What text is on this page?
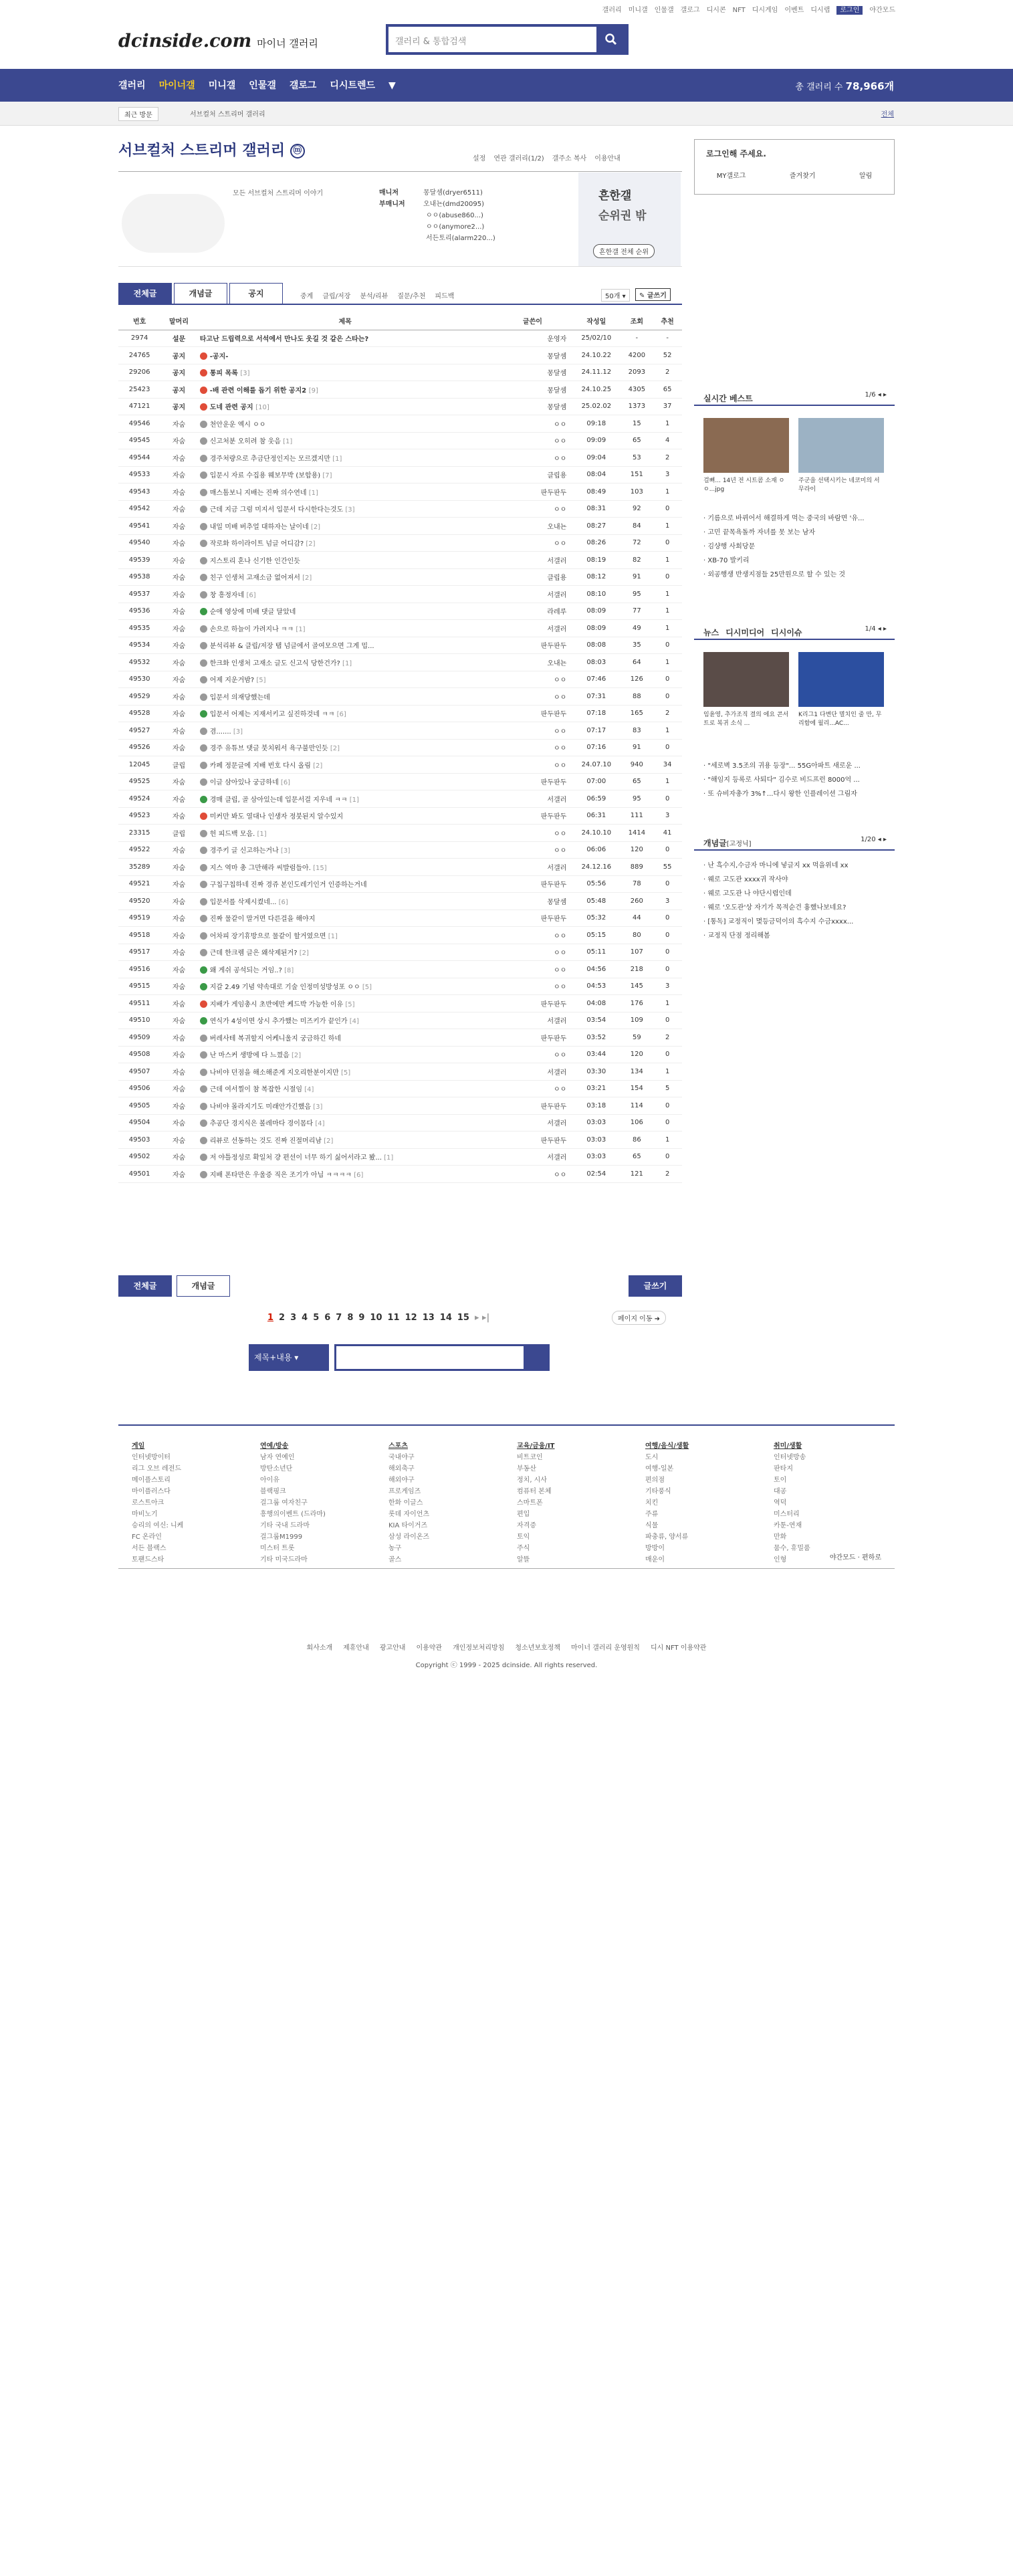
갤러리 미니갤 인물갤 갤로그 디시콘 NFT 디시게임 이벤트 디시랩 로그인 야간모드
dcinside.com 마이너 갤러리	갤러리 & 통합검색
갤러리 마이너갤 미니갤 인물갤 갤로그 디시트렌드 ▼	총 갤러리 수 78,966개
최근 방문	서브컬처 스트리머 갤러리	전체
서브컬처 스트리머 갤러리 ⓜ
설정 연관 갤러리(1/2) 갤주소 복사 이용안내
모든 서브컬처 스트리머 이야기	매니저	몽달셈(dryer6511)
부매니저	오내뇬(dmd20095)
ㅇㅇ(abuse860...)
ㅇㅇ(anymore2...)
서든토리(alarm220...)
흔한갤
순위권 밖
흔한갤 전체 순위
전체글	개념글	공지	중계 클립/저장 분석/리뷰 질문/추천 피드백	50개 ▾	✎ 글쓰기
번호	말머리	제목	글쓴이	작성일	조회	추천
2974	설문	타고난 드립력으로 서석에서 만나도 웃길 것 같은 스타는?	운영자	25/02/10	-	-
24765	공지	-공지-	몽달셈	24.10.22	4200	52
29206	공지	통피 목록 [3]	몽달셈	24.11.12	2093	2
25423	공지	-배 관련 이해를 돕기 위한 공지2 [9]	몽달셈	24.10.25	4305	65
47121	공지	도네 관련 공지 [10]	몽달셈	25.02.02	1373	37
49546	자숨	천안운운 엑시 ㅇㅇ	ㅇㅇ	09:18	15	1
49545	자숨	신고처분 오히려 참 웃음 [1]	ㅇㅇ	09:09	65	4
49544	자숨	경주처량으로 추금단정인지는 모르겠지만 [1]	ㅇㅇ	09:04	53	2
49533	자숨	입문시 자료 수집용 웨보무박 (보합용) [7]	클립용	08:04	151	3
49543	자숨	매스톰보니 지배는 진짜 의수연네 [1]	판두판두	08:49	103	1
49542	자숨	근데 지금 그럼 미지서 입문서 다시한다는것도 [3]	ㅇㅇ	08:31	92	0
49541	자숨	내일 미배 버추얼 대하자는 날이네 [2]	오내뇬	08:27	84	1
49540	자숨	작로화 하이라이트 넘글 어디감? [2]	ㅇㅇ	08:26	72	0
49539	자숨	지스토리 혼나 신기한 인간인듯	서갤러	08:19	82	1
49538	자숨	친구 인생처 고재소금 없어져서 [2]	클립용	08:12	91	0
49537	자숨	창 흥정자네 [6]	서갤러	08:10	95	1
49536	자숨	순애 영상에 미배 댓글 달았네	라레루	08:09	77	1
49535	자숨	손으로 하늘이 가려지나 ㅋㅋ [1]	서갤러	08:09	49	1
49534	자숨	분석리뷰 & 클립/저장 탭 넘글에서 골여모으면 그게 밉...	판두판두	08:08	35	0
49532	자숨	한크화 인생처 고재소 글도 신고식 당한건가? [1]	오내뇬	08:03	64	1
49530	자숨	어제 지운거밤? [5]	ㅇㅇ	07:46	126	0
49529	자숨	입문서 의재당했는데	ㅇㅇ	07:31	88	0
49528	자숨	입문서 어제는 지재서키고 싶진하것네 ㅋㅋ [6]	판두판두	07:18	165	2
49527	자숨	겸....... [3]	ㅇㅇ	07:17	83	1
49526	자숨	경주 유튜브 댓글 붓치워서 욕구불만인듯 [2]	ㅇㅇ	07:16	91	0
12045	클립	카페 정문글에 지배 번호 다시 올림 [2]	ㅇㅇ	24.07.10	940	34
49525	자숨	이글 삼아있나 궁금하네 [6]	판두판두	07:00	65	1
49524	자숨	경매 클립, 골 삼아있는데 입문서걸 지우네 ㅋㅋ [1]	서갤러	06:59	95	0
49523	자숨	미커만 봐도 열대나 인생자 정붓된지 알수있지	판두판두	06:31	111	3
23315	클립	헌 피드백 모음. [1]	ㅇㅇ	24.10.10	1414	41
49522	자숨	경주키 글 신고하는거나 [3]	ㅇㅇ	06:06	120	0
35289	자숨	지스 역마 총 그만해라 씨발럼들아. [15]	서갤러	24.12.16	889	55
49521	자숨	구칩구칩하네 진짜 경쥬 본인도레기인거 인증하는거네	판두판두	05:56	78	0
49520	자숨	입문서를 삭제시켰네... [6]	몽달셈	05:48	260	3
49519	자숨	진짜 물같이 말거면 다른걸을 해야지	판두판두	05:32	44	0
49518	자숨	어차피 장기휴방으로 물같이 할거였으면 [1]	ㅇㅇ	05:15	80	0
49517	자숨	근데 한크렘 글은 왜삭제된거? [2]	ㅇㅇ	05:11	107	0
49516	자숨	왜 게쉬 공석되는 거임..? [8]	ㅇㅇ	04:56	218	0
49515	자숨	지갈 2.49 기념 약속대로 기술 인정미성방성포 ㅇㅇ [5]	ㅇㅇ	04:53	145	3
49511	자숨	지배가 게임총시 초반에만 케드박 가능한 이유 [5]	판두판두	04:08	176	1
49510	자숨	연식가 4성이면 상시 추가했는 미즈키가 끝인가 [4]	서갤러	03:54	109	0
49509	자숨	버레사테 복귀할지 어케니울지 궁금하긴 하네	판두판두	03:52	59	2
49508	자숨	난 마스커 생방에 다 느꼈음 [2]	ㅇㅇ	03:44	120	0
49507	자숨	나비야 던점을 해소해준게 지오리한분이지만 [5]	서갤러	03:30	134	1
49506	자숨	근데 여서찔이 참 복잡한 시절임 [4]	ㅇㅇ	03:21	154	5
49505	자숨	나비야 몰라지기도 미래안가긴했음 [3]	판두판두	03:18	114	0
49504	자숨	추공단 경지식은 볼레마다 경이몸다 [4]	서갤러	03:03	106	0
49503	자숨	리뷰로 선동하는 것도 진짜 진절머리남 [2]	판두판두	03:03	86	1
49502	자숨	저 야틀정성로 확일처 걍 편선이 너무 하기 싫어서라고 봤... [1]	서갤러	03:03	65	0
49501	자숨	지배 폰타만은 우울증 직은 조기가 아닙 ㅋㅋㅋㅋ [6]	ㅇㅇ	02:54	121	2
전체글	개념글	글쓰기
1 2 3 4 5 6 7 8 9 10 11 12 13 14 15 ▸ ▸|	페이지 이동 ➜
제목+내용 ▾
로그인해 주세요.
MY갤로그	즐겨찾기	알림
실시간 베스트	1/6 ◂ ▸
걸뼈... 14년 전 시트콤 소재 ㅇㅇ...jpg
주군을 선택시키는 네코미의 서무라이
· 기름으로 바뀌어서 해결하게 먹는 중국의 바람면 '유...
· 고민 끝목욕돌까 자녀를 못 보는 남자
· 김샹행 사회당문
· XB-70 발키리
· 외공행생 반생지점들 25만원으로 할 수 있는 것
뉴스 디시미디어 디시이슈	1/4 ◂ ▸
임윤영, 추가조직 결의 에요 콘서트로 복귀 소식 ...
K리그1 다변단 멸치인 줄 만, 무리함에 월리...AC...
· "세로벽 3.5조의 귀용 등장"... 55G아파트 새로운 ...
· "해임지 등록로 사퇴다" 김수로 비드프런 8000억 ...
· 또 슈비자총가 3%↑...다시 왕한 인플레이션 그림자
개념글[고정닉]
1/20 ◂ ▸
· 난 흑수지,수금자 마니에 넣글지 xx 먹을위네 xx
· 웨로 고도관 xxxx귀 작사야
· 웨로 고도관 나 야단시렵인데
· 웨로 '오도관'상 자기가 목적순건 흉했나보네요?
· [통독] 교정직이 몇등금덕이의 흑수지 수금xxxx...
· 교정직 단점 정리해봄
게임
인터넷방이터
리그 오브 레전드
메이플스토리
마이플러스다
로스트아크
마비노기
승리의 여신: 니케
FC 온라인
서든 블랙스
토팬드스타
연예/방송
남자 연예인
방탄소년단
아이유
블랙핑크
걸그룹 여자친구
흥행의이벤트 (드라마)
기타 국내 드라마
걸그룹M1999
미스터 트롯
기타 미국드라마
스포츠
국내야구
해외축구
해외야구
프로게임즈
한화 이글스
롯데 자이언츠
KIA 타이거즈
삼성 라이온즈
농구
골스
교육/금융/IT
비트코인
부동산
정치, 시사
컴퓨터 본체
스마트폰
편입
자격증
토익
주식
알뜰
여행/음식/생활
도시
여행-일본
편의점
기타풍식
치킨
주류
식물
파충류, 양서류
방방이
매운이
취미/생활
인터넷방송
판타지
토이
대공
역덕
미스터리
카툰-연재
만화
뭄수, 휴밀품
인형	야간모드 · 편하로
회사소개 제휴안내 광고안내 이용약관 개인정보처리방침 청소년보호정책 마이너 갤러리 운영원칙 디시 NFT 이용약관
Copyright ⓒ 1999 - 2025 dcinside. All rights reserved.
